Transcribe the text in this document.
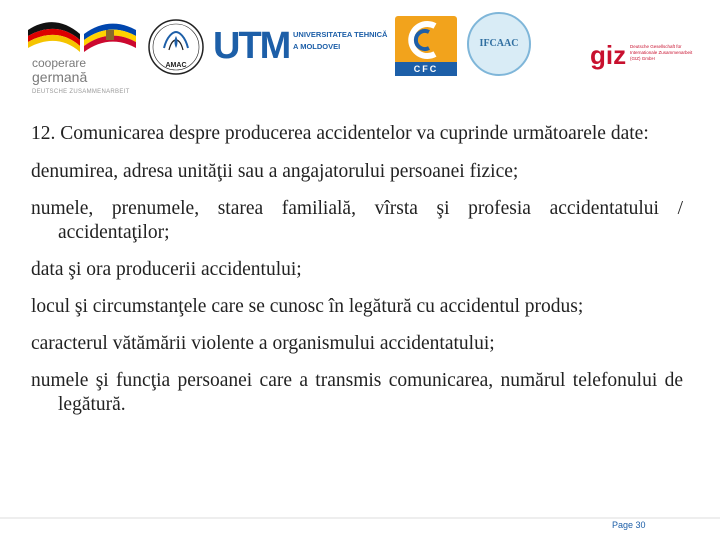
cooperare
germană
DEUTSCHE ZUSAMMENARBEIT
AMAC UTM UNIVERSITATEA TEHNICĂ
A MOLDOVEI
CFC
IFCAAC	giz Deutsche Gesellschaft für Internationale Zusammenarbeit (GIZ) GmbH

12. Comunicarea despre producerea accidentelor va cuprinde următoarele date:

denumirea, adresa unităţii sau a angajatorului persoanei fizice;

numele, prenumele, starea familială, vîrsta şi profesia accidentatului / accidentaţilor;

data şi ora producerii accidentului;

locul şi circumstanţele care se cunosc în legătură cu accidentul produs;

caracterul vătămării violente a organismului accidentatului;

numele şi funcţia persoanei care a transmis comunicarea, numărul telefonului de legătură.

Page 30
